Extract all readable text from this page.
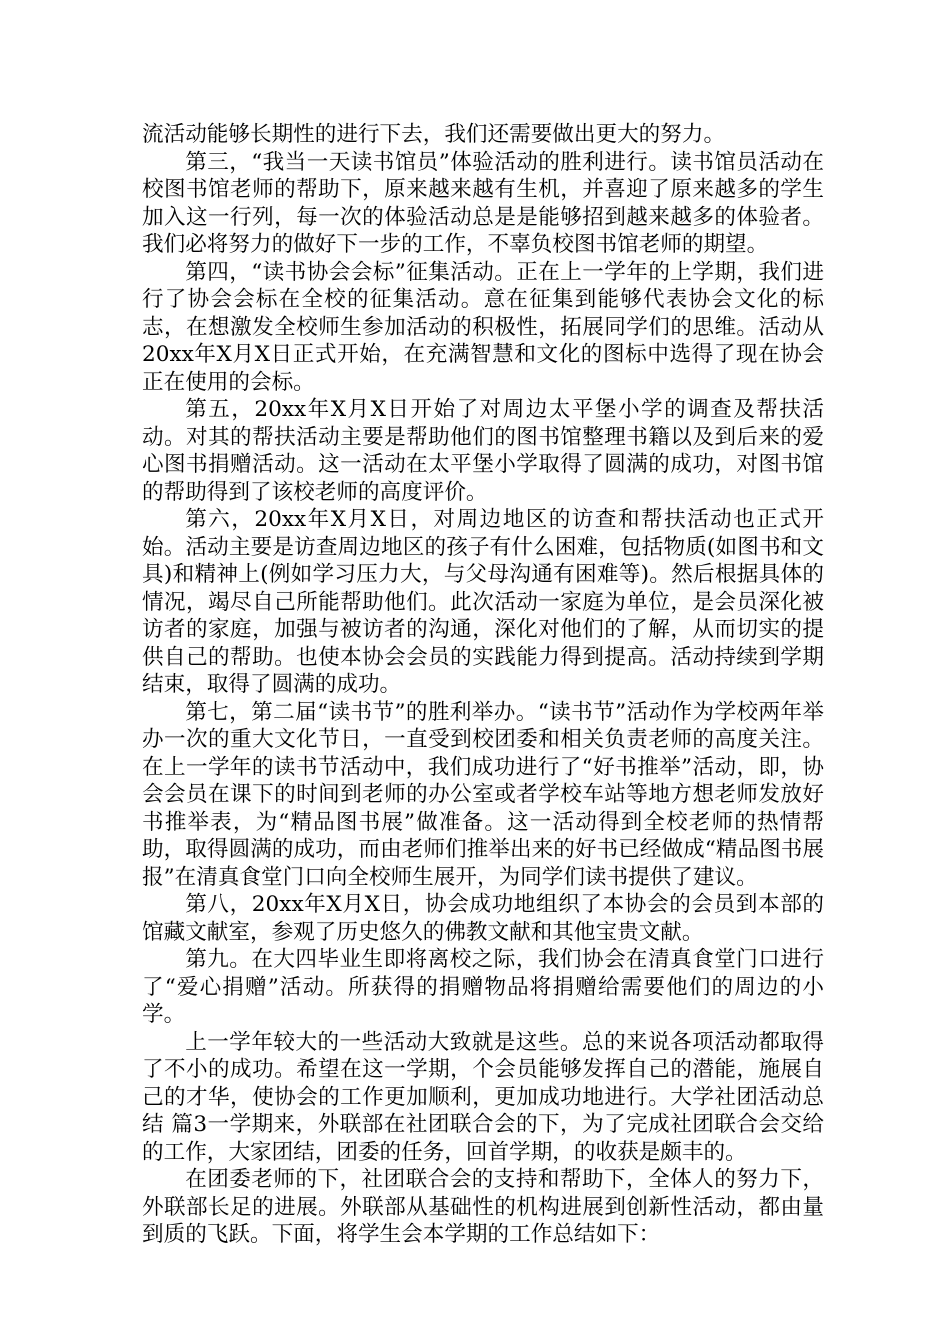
流活动能够长期性的进行下去，我们还需要做出更大的努力。

第三，“我当一天读书馆员”体验活动的胜利进行。读书馆员活动在校图书馆老师的帮助下，原来越来越有生机，并喜迎了原来越多的学生加入这一行列，每一次的体验活动总是是能够招到越来越多的体验者。我们必将努力的做好下一步的工作，不辜负校图书馆老师的期望。

第四，“读书协会会标”征集活动。正在上一学年的上学期，我们进行了协会会标在全校的征集活动。意在征集到能够代表协会文化的标志，在想激发全校师生参加活动的积极性，拓展同学们的思维。活动从20xx年X月X日正式开始，在充满智慧和文化的图标中选得了现在协会正在使用的会标。

第五，20xx年X月X日开始了对周边太平堡小学的调查及帮扶活动。对其的帮扶活动主要是帮助他们的图书馆整理书籍以及到后来的爱心图书捐赠活动。这一活动在太平堡小学取得了圆满的成功，对图书馆的帮助得到了该校老师的高度评价。

第六，20xx年X月X日，对周边地区的访查和帮扶活动也正式开始。活动主要是访查周边地区的孩子有什么困难，包括物质(如图书和文具)和精神上(例如学习压力大，与父母沟通有困难等)。然后根据具体的情况，竭尽自己所能帮助他们。此次活动一家庭为单位，是会员深化被访者的家庭，加强与被访者的沟通，深化对他们的了解，从而切实的提供自己的帮助。也使本协会会员的实践能力得到提高。活动持续到学期结束，取得了圆满的成功。

第七，第二届“读书节”的胜利举办。“读书节”活动作为学校两年举办一次的重大文化节日，一直受到校团委和相关负责老师的高度关注。在上一学年的读书节活动中，我们成功进行了“好书推举”活动，即，协会会员在课下的时间到老师的办公室或者学校车站等地方想老师发放好书推举表，为“精品图书展”做准备。这一活动得到全校老师的热情帮助，取得圆满的成功，而由老师们推举出来的好书已经做成“精品图书展报”在清真食堂门口向全校师生展开，为同学们读书提供了建议。

第八，20xx年X月X日，协会成功地组织了本协会的会员到本部的馆藏文献室，参观了历史悠久的佛教文献和其他宝贵文献。

第九。在大四毕业生即将离校之际，我们协会在清真食堂门口进行了“爱心捐赠”活动。所获得的捐赠物品将捐赠给需要他们的周边的小学。

上一学年较大的一些活动大致就是这些。总的来说各项活动都取得了不小的成功。希望在这一学期，个会员能够发挥自己的潜能，施展自己的才华，使协会的工作更加顺利，更加成功地进行。大学社团活动总结 篇3一学期来，外联部在社团联合会的下，为了完成社团联合会交给的工作，大家团结，团委的任务，回首学期，的收获是颇丰的。

在团委老师的下，社团联合会的支持和帮助下，全体人的努力下，外联部长足的进展。外联部从基础性的机构进展到创新性活动，都由量到质的飞跃。下面，将学生会本学期的工作总结如下：
